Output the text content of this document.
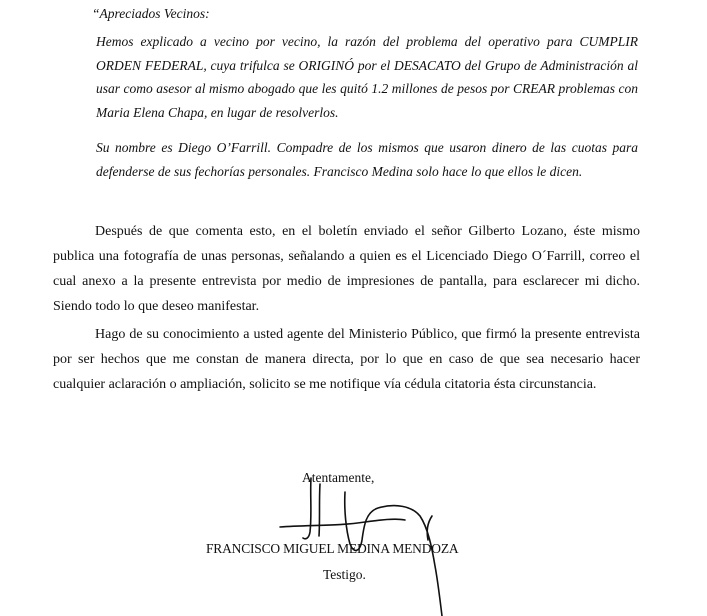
“Apreciados Vecinos:

Hemos explicado a vecino por vecino, la razón del problema del operativo para CUMPLIR ORDEN FEDERAL, cuya trifulca se ORIGINÓ por el DESACATO del Grupo de Administración al usar como asesor al mismo abogado que les quitó 1.2 millones de pesos por CREAR problemas con Maria Elena Chapa, en lugar de resolverlos.

Su nombre es Diego O’Farrill. Compadre de los mismos que usaron dinero de las cuotas para defenderse de sus fechorías personales. Francisco Medina solo hace lo que ellos le dicen.

Después de que comenta esto, en el boletín enviado el señor Gilberto Lozano, éste mismo publica una fotografía de unas personas, señalando a quien es el Licenciado Diego O´Farrill, correo el cual anexo a la presente entrevista por medio de impresiones de pantalla, para esclarecer mi dicho. Siendo todo lo que deseo manifestar.

Hago de su conocimiento a usted agente del Ministerio Público, que firmó la presente entrevista por ser hechos que me constan de manera directa, por lo que en caso de que sea necesario hacer cualquier aclaración o ampliación, solicito se me notifique vía cédula citatoria ésta circunstancia.

Atentamente,
FRANCISCO MIGUEL MEDINA MENDOZA
Testigo.
